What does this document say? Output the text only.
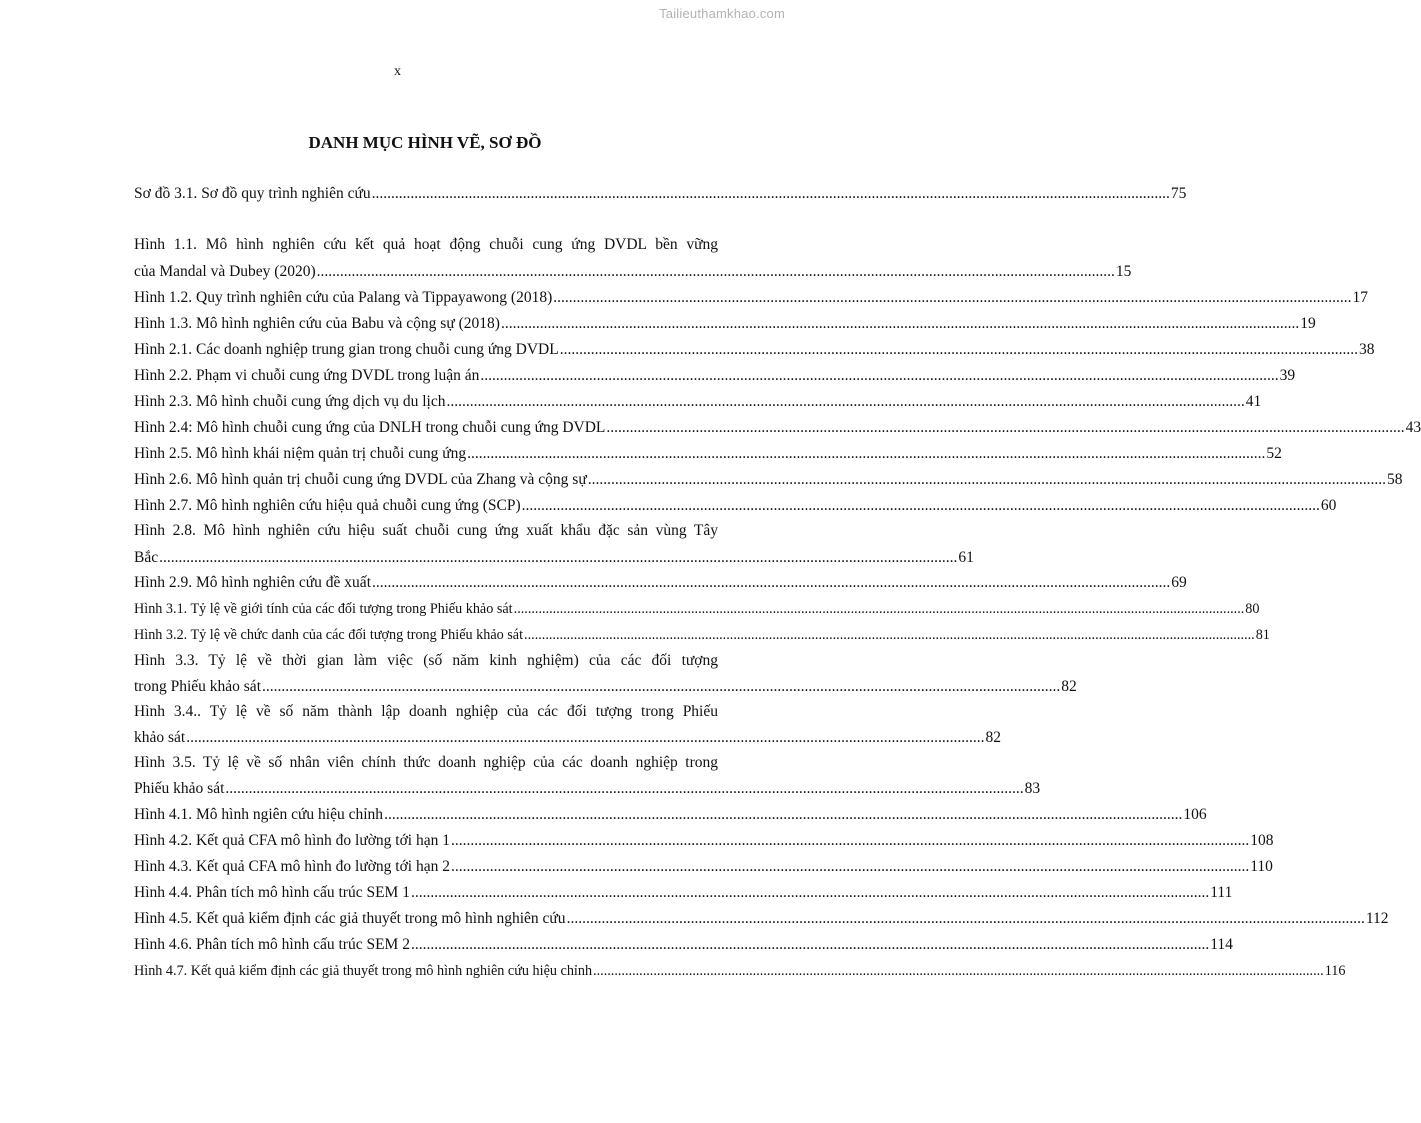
Tailieuthamkhao.com
x
DANH MỤC HÌNH VẼ, SƠ ĐỒ
Sơ đồ 3.1. Sơ đồ quy trình nghiên cứu .............................................................................................................................................................................................................. 75
Hình 1.1. Mô hình nghiên cứu kết quả hoạt động chuỗi cung ứng DVDL bền vững
của Mandal và Dubey (2020) .............................................................................................................................................................................................................. 15
Hình 1.2. Quy trình nghiên cứu của Palang và Tippayawong (2018) .............................................................................................................................................................................................................. 17
Hình 1.3. Mô hình nghiên cứu của Babu và cộng sự (2018) .............................................................................................................................................................................................................. 19
Hình 2.1. Các doanh nghiệp trung gian trong chuỗi cung ứng DVDL .............................................................................................................................................................................................................. 38
Hình 2.2. Phạm vi chuỗi cung ứng DVDL trong luận án .............................................................................................................................................................................................................. 39
Hình 2.3. Mô hình chuỗi cung ứng dịch vụ du lịch .............................................................................................................................................................................................................. 41
Hình 2.4: Mô hình chuỗi cung ứng của DNLH trong chuỗi cung ứng DVDL .............................................................................................................................................................................................................. 43
Hình 2.5. Mô hình khái niệm quản trị chuỗi cung ứng .............................................................................................................................................................................................................. 52
Hình 2.6. Mô hình quản trị chuỗi cung ứng DVDL của Zhang và cộng sự .............................................................................................................................................................................................................. 58
Hình 2.7. Mô hình nghiên cứu hiệu quả chuỗi cung ứng (SCP) .............................................................................................................................................................................................................. 60
Hình 2.8. Mô hình nghiên cứu hiệu suất chuỗi cung ứng xuất khẩu đặc sản vùng Tây
Bắc .............................................................................................................................................................................................................. 61
Hình 2.9. Mô hình nghiên cứu đề xuất .............................................................................................................................................................................................................. 69
Hình 3.1. Tỷ lệ về giới tính của các đối tượng trong Phiếu khảo sát .............................................................................................................................................................................................................. 80
Hình 3.2. Tỷ lệ về chức danh của các đối tượng trong Phiếu khảo sát .............................................................................................................................................................................................................. 81
Hình 3.3. Tỷ lệ về thời gian làm việc (số năm kinh nghiệm) của các đối tượng
trong Phiếu khảo sát .............................................................................................................................................................................................................. 82
Hình 3.4.. Tỷ lệ về số năm thành lập doanh nghiệp của các đối tượng trong Phiếu
khảo sát .............................................................................................................................................................................................................. 82
Hình 3.5. Tỷ lệ về số nhân viên chính thức doanh nghiệp của các doanh nghiệp trong
Phiếu khảo sát .............................................................................................................................................................................................................. 83
Hình 4.1. Mô hình ngiên cứu hiệu chỉnh .............................................................................................................................................................................................................. 106
Hình 4.2. Kết quả CFA mô hình đo lường tới hạn 1 .............................................................................................................................................................................................................. 108
Hình 4.3. Kết quả CFA mô hình đo lường tới hạn 2 .............................................................................................................................................................................................................. 110
Hình 4.4. Phân tích mô hình cấu trúc SEM 1 .............................................................................................................................................................................................................. 111
Hình 4.5. Kết quả kiểm định các giả thuyết trong mô hình nghiên cứu .............................................................................................................................................................................................................. 112
Hình 4.6. Phân tích mô hình cấu trúc SEM 2 .............................................................................................................................................................................................................. 114
Hình 4.7. Kết quả kiểm định các giả thuyết trong mô hình nghiên cứu hiệu chỉnh .............................................................................................................................................................................................................. 116
